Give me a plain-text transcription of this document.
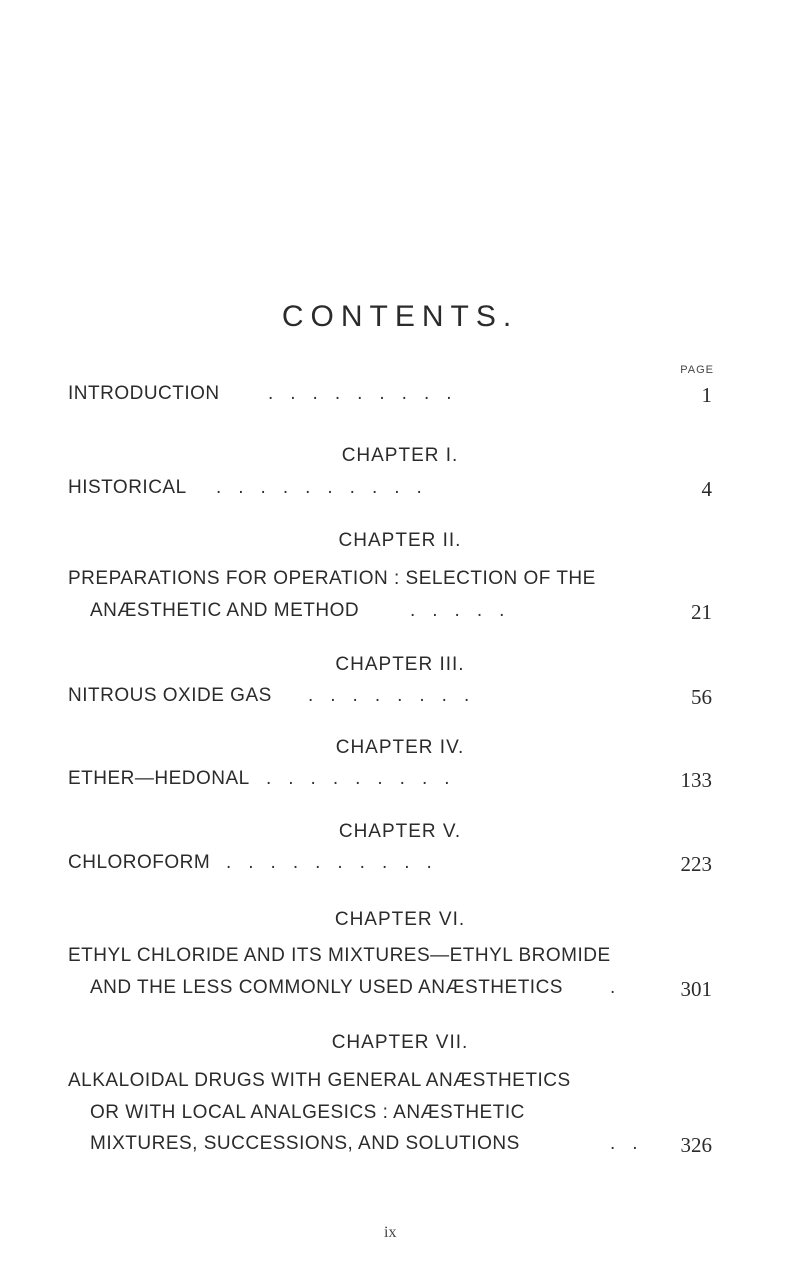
CONTENTS.
PAGE
INTRODUCTION	.........	1
CHAPTER I.
HISTORICAL ..........	4
CHAPTER II.
PREPARATIONS FOR OPERATION : SELECTION OF THE
ANÆSTHETIC AND METHOD	.....	21
CHAPTER III.
NITROUS OXIDE GAS ........	56
CHAPTER IV.
ETHER—HEDONAL .........	133
CHAPTER V.
CHLOROFORM ..........	223
CHAPTER VI.
ETHYL CHLORIDE AND ITS MIXTURES—ETHYL BROMIDE
AND THE LESS COMMONLY USED ANÆSTHETICS . 301
CHAPTER VII.
ALKALOIDAL DRUGS WITH GENERAL ANÆSTHETICS
OR WITH LOCAL ANALGESICS : ANÆSTHETIC
MIXTURES, SUCCESSIONS, AND SOLUTIONS	.. 326
ix
